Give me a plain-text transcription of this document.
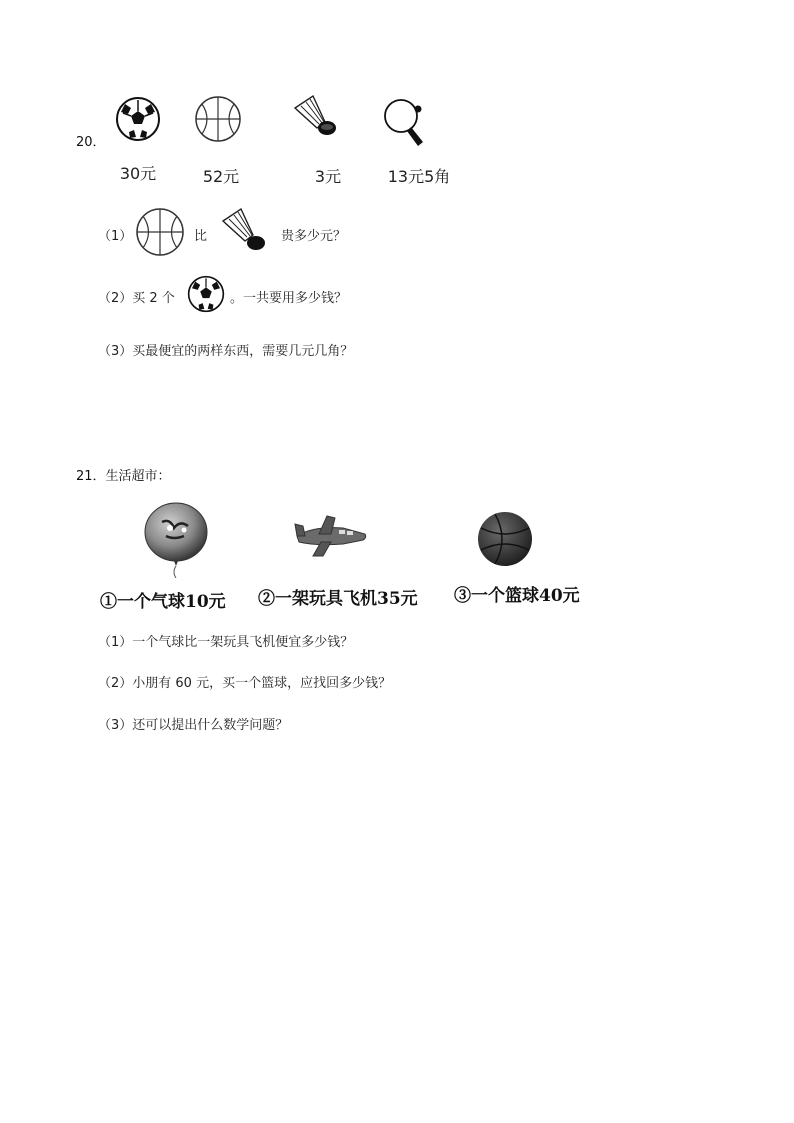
20．
30元	52元	3元	13元5角
（1）	比	贵多少元？
（2）买 2 个	。一共要用多少钱？
（3）买最便宜的两样东西，需要几元几角？
21．生活超市：
①一个气球10元 ②一架玩具飞机35元 ③一个篮球40元
（1）一个气球比一架玩具飞机便宜多少钱？
（2）小朋有 60 元，买一个篮球，应找回多少钱？
（3）还可以提出什么数学问题？
